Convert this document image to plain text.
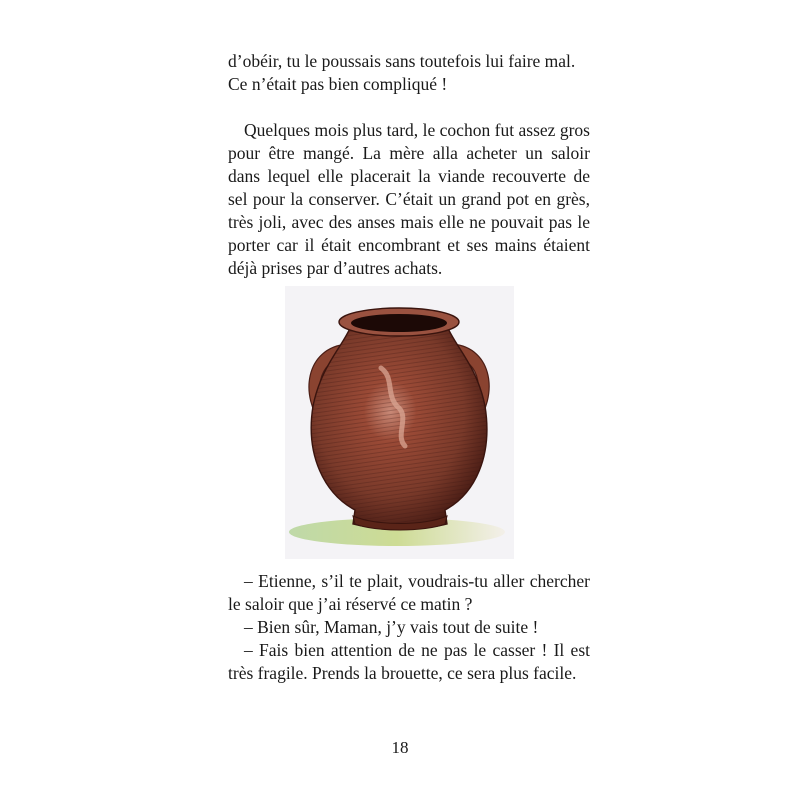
d’obéir, tu le poussais sans toutefois lui faire mal.

Ce n’était pas bien compliqué !

Quelques mois plus tard, le cochon fut assez gros pour être mangé. La mère alla acheter un saloir dans lequel elle placerait la viande recouverte de sel pour la conserver. C’était un grand pot en grès, très joli, avec des anses mais elle ne pouvait pas le porter car il était encombrant et ses mains étaient déjà prises par d’autres achats.

– Etienne, s’il te plait, voudrais-tu aller chercher le saloir que j’ai réservé ce matin ?

– Bien sûr, Maman, j’y vais tout de suite !

– Fais bien attention de ne pas le casser ! Il est très fragile. Prends la brouette, ce sera plus facile.

18
